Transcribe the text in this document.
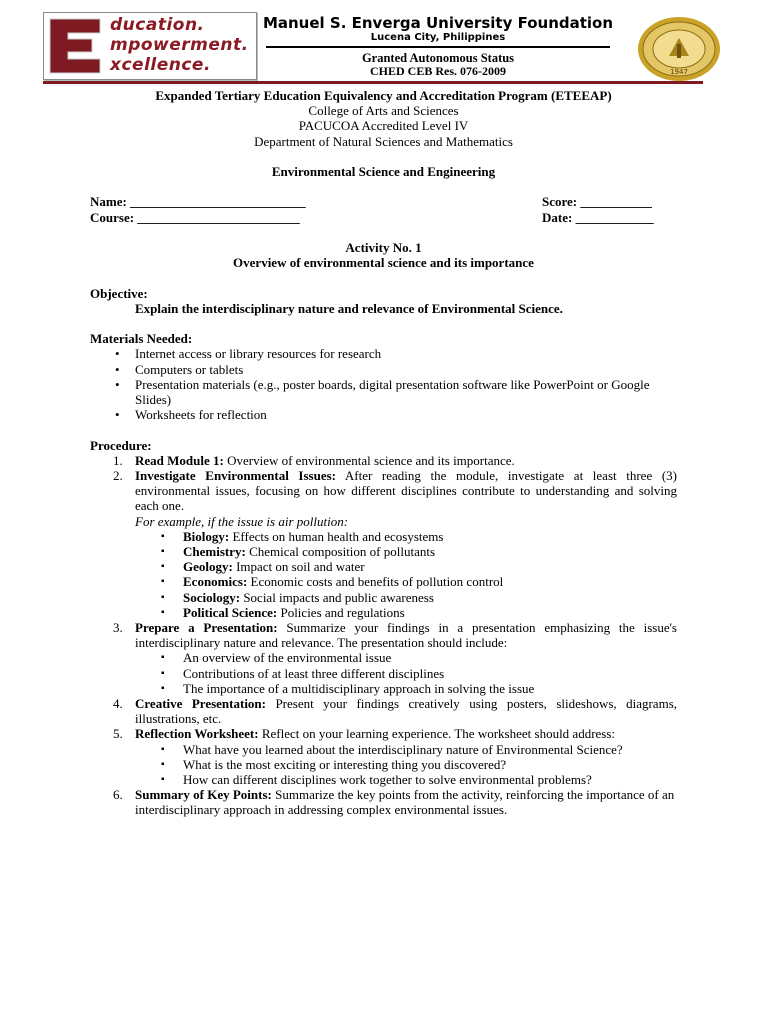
ducation.
mpowerment.
xcellence.
Manuel S. Enverga University Foundation
Lucena City, Philippines
Granted Autonomous Status
CHED CEB Res. 076-2009	1947
Expanded Tertiary Education Equivalency and Accreditation Program (ETEEAP)
College of Arts and Sciences
PACUCOA Accredited Level IV
Department of Natural Sciences and Mathematics
Environmental Science and Engineering
Name: ___________________________
Course: _________________________
Score: ___________
Date: ____________
Activity No. 1
Overview of environmental science and its importance
Objective:
Explain the interdisciplinary nature and relevance of Environmental Science.
Materials Needed:
• Internet access or library resources for research
• Computers or tablets
• Presentation materials (e.g., poster boards, digital presentation software like PowerPoint or Google Slides)
• Worksheets for reflection
Procedure:
1. Read Module 1: Overview of environmental science and its importance.
2. Investigate Environmental Issues: After reading the module, investigate at least three (3) environmental issues, focusing on how different disciplines contribute to understanding and solving each one.
For example, if the issue is air pollution:
▪ Biology: Effects on human health and ecosystems
▪ Chemistry: Chemical composition of pollutants
▪ Geology: Impact on soil and water
▪ Economics: Economic costs and benefits of pollution control
▪ Sociology: Social impacts and public awareness
▪ Political Science: Policies and regulations
3. Prepare a Presentation: Summarize your findings in a presentation emphasizing the issue's interdisciplinary nature and relevance. The presentation should include:
▪ An overview of the environmental issue
▪ Contributions of at least three different disciplines
▪ The importance of a multidisciplinary approach in solving the issue
4. Creative Presentation: Present your findings creatively using posters, slideshows, diagrams, illustrations, etc.
5. Reflection Worksheet: Reflect on your learning experience. The worksheet should address:
▪ What have you learned about the interdisciplinary nature of Environmental Science?
▪ What is the most exciting or interesting thing you discovered?
▪ How can different disciplines work together to solve environmental problems?
6. Summary of Key Points: Summarize the key points from the activity, reinforcing the importance of an interdisciplinary approach in addressing complex environmental issues.
